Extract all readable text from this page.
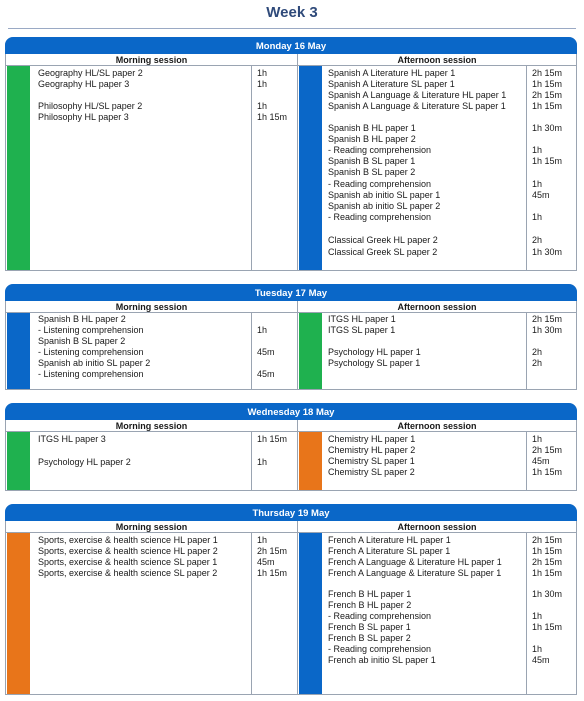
Week 3
Monday 16 May
Morning session	Afternoon session
Geography HL/SL paper 2	1h
Geography HL paper 3	1h
Philosophy HL/SL paper 2	1h
Philosophy HL paper 3	1h 15m
Spanish A Literature HL paper 1	2h 15m
Spanish A Literature SL paper 1	1h 15m
Spanish A Language & Literature HL paper 1	2h 15m
Spanish A Language & Literature SL paper 1	1h 15m
Spanish B HL paper 1	1h 30m
Spanish B HL paper 2
- Reading comprehension	1h
Spanish B SL paper 1	1h 15m
Spanish B SL paper 2
- Reading comprehension	1h
Spanish ab initio SL paper 1	45m
Spanish ab initio SL paper 2
- Reading comprehension	1h
Classical Greek HL paper 2	2h
Classical Greek SL paper 2	1h 30m
Tuesday 17 May
Morning session	Afternoon session
Spanish B HL paper 2
- Listening comprehension	1h
Spanish B SL paper 2
- Listening comprehension	45m
Spanish ab initio SL paper 2
- Listening comprehension	45m
ITGS HL paper 1	2h 15m
ITGS SL paper 1	1h 30m
Psychology HL paper 1	2h
Psychology SL paper 1	2h
Wednesday 18 May
Morning session	Afternoon session
ITGS HL paper 3	1h 15m
Psychology HL paper 2	1h
Chemistry HL paper 1	1h
Chemistry HL paper 2	2h 15m
Chemistry SL paper 1	45m
Chemistry SL paper 2	1h 15m
Thursday 19 May
Morning session	Afternoon session
Sports, exercise & health science HL paper 1	1h
Sports, exercise & health science HL paper 2	2h 15m
Sports, exercise & health science SL paper 1	45m
Sports, exercise & health science SL paper 2	1h 15m
French A Literature HL paper 1	2h 15m
French A Literature SL paper 1	1h 15m
French A Language & Literature HL paper 1	2h 15m
French A Language & Literature SL paper 1	1h 15m
French B HL paper 1	1h 30m
French B HL paper 2
- Reading comprehension	1h
French B SL paper 1	1h 15m
French B SL paper 2
- Reading comprehension	1h
French ab initio SL paper 1	45m
